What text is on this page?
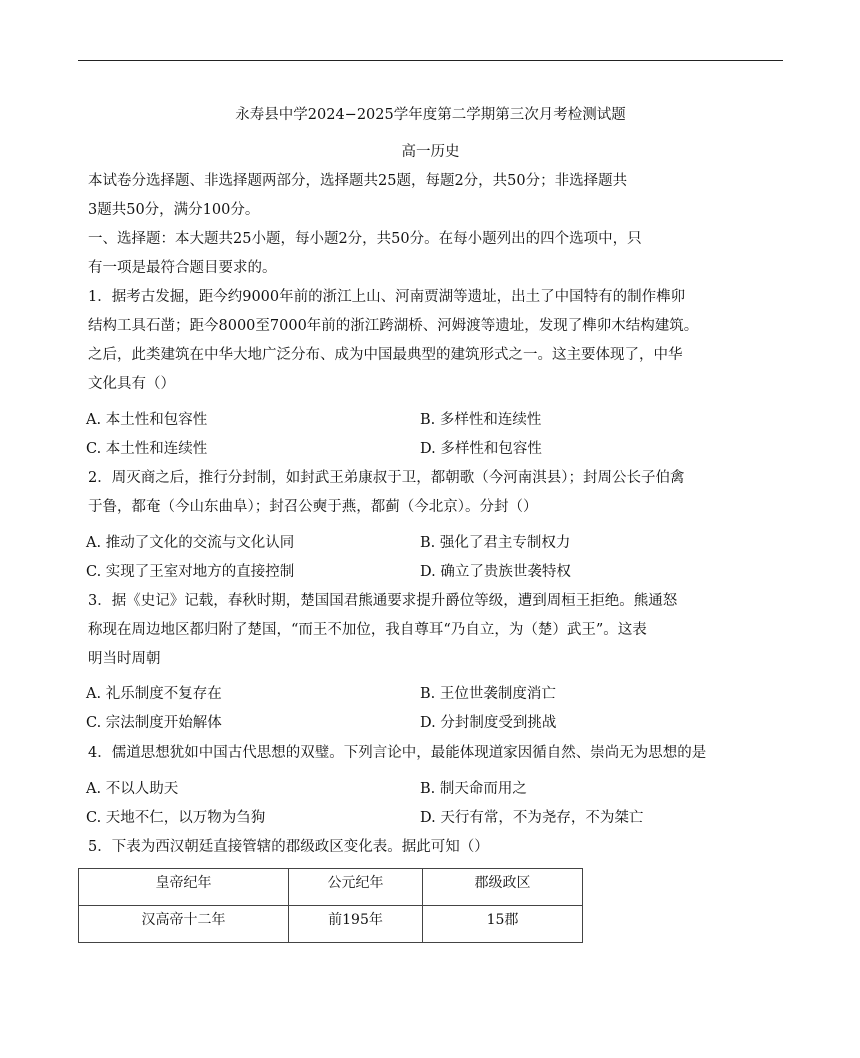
永寿县中学2024−2025学年度第二学期第三次月考检测试题
高一历史
本试卷分选择题、非选择题两部分，选择题共25题，每题2分，共50分；非选择题共
3题共50分，满分100分。
一、选择题：本大题共25小题，每小题2分，共50分。在每小题列出的四个选项中，只
有一项是最符合题目要求的。
1．据考古发掘，距今约9000年前的浙江上山、河南贾湖等遗址，出土了中国特有的制作榫卯
结构工具石凿；距今8000至7000年前的浙江跨湖桥、河姆渡等遗址，发现了榫卯木结构建筑。
之后，此类建筑在中华大地广泛分布、成为中国最典型的建筑形式之一。这主要体现了，中华
文化具有（）
A. 本土性和包容性	B. 多样性和连续性
C. 本土性和连续性	D. 多样性和包容性
2．周灭商之后，推行分封制，如封武王弟康叔于卫，都朝歌（今河南淇县）；封周公长子伯禽
于鲁，都奄（今山东曲阜）；封召公奭于燕，都蓟（今北京）。分封（）
A. 推动了文化的交流与文化认同	B. 强化了君主专制权力
C. 实现了王室对地方的直接控制	D. 确立了贵族世袭特权
3．据《史记》记载，春秋时期，楚国国君熊通要求提升爵位等级，遭到周桓王拒绝。熊通怒
称现在周边地区都归附了楚国，“而王不加位，我自尊耳“乃自立，为（楚）武王”。这表
明当时周朝
A. 礼乐制度不复存在	B. 王位世袭制度消亡
C. 宗法制度开始解体	D. 分封制度受到挑战
4．儒道思想犹如中国古代思想的双璧。下列言论中，最能体现道家因循自然、崇尚无为思想的是
A. 不以人助天	B. 制天命而用之
C. 天地不仁，以万物为刍狗	D. 天行有常，不为尧存，不为桀亡
5．下表为西汉朝廷直接管辖的郡级政区变化表。据此可知（）
皇帝纪年	公元纪年	郡级政区
汉高帝十二年	前195年	15郡
